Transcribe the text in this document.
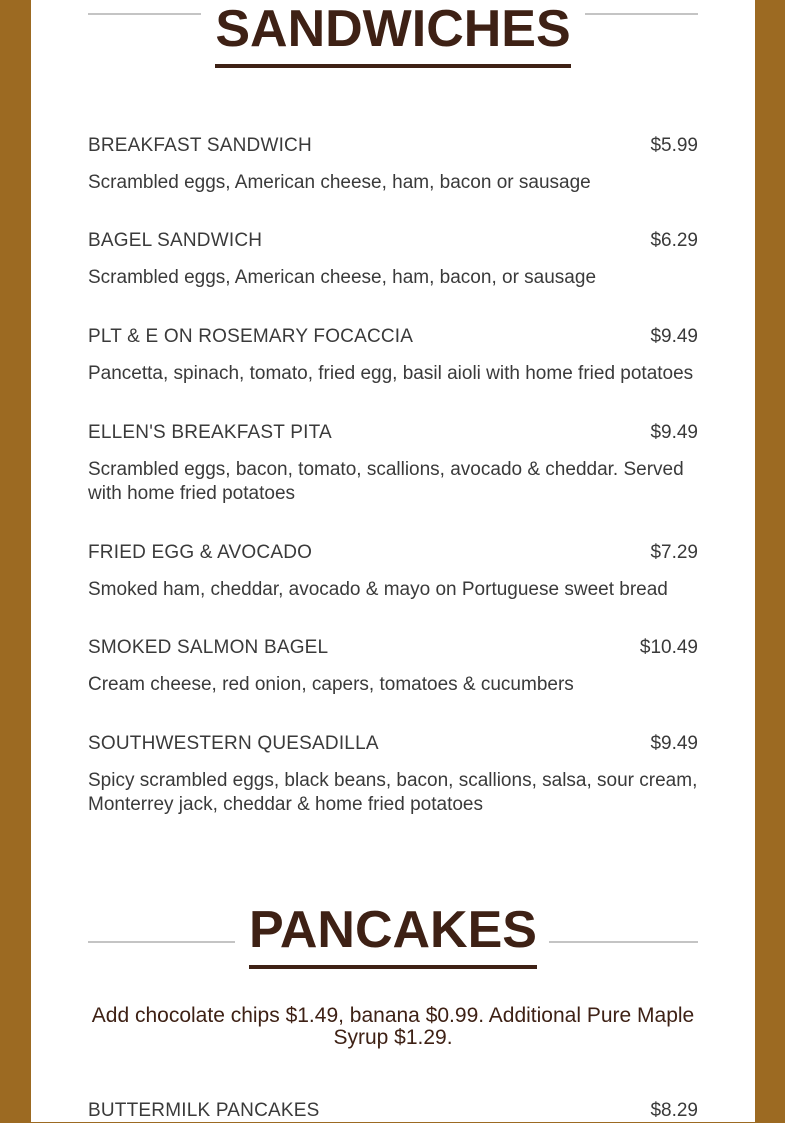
SANDWICHES
BREAKFAST SANDWICH	$5.99
Scrambled eggs, American cheese, ham, bacon or sausage
BAGEL SANDWICH	$6.29
Scrambled eggs, American cheese, ham, bacon, or sausage
PLT & E ON ROSEMARY FOCACCIA	$9.49
Pancetta, spinach, tomato, fried egg, basil aioli with home fried potatoes
ELLEN'S BREAKFAST PITA	$9.49
Scrambled eggs, bacon, tomato, scallions, avocado & cheddar. Served with home fried potatoes
FRIED EGG & AVOCADO	$7.29
Smoked ham, cheddar, avocado & mayo on Portuguese sweet bread
SMOKED SALMON BAGEL	$10.49
Cream cheese, red onion, capers, tomatoes & cucumbers
SOUTHWESTERN QUESADILLA	$9.49
Spicy scrambled eggs, black beans, bacon, scallions, salsa, sour cream, Monterrey jack, cheddar & home fried potatoes
PANCAKES
Add chocolate chips $1.49, banana $0.99. Additional Pure Maple Syrup $1.29.
BUTTERMILK PANCAKES	$8.29
